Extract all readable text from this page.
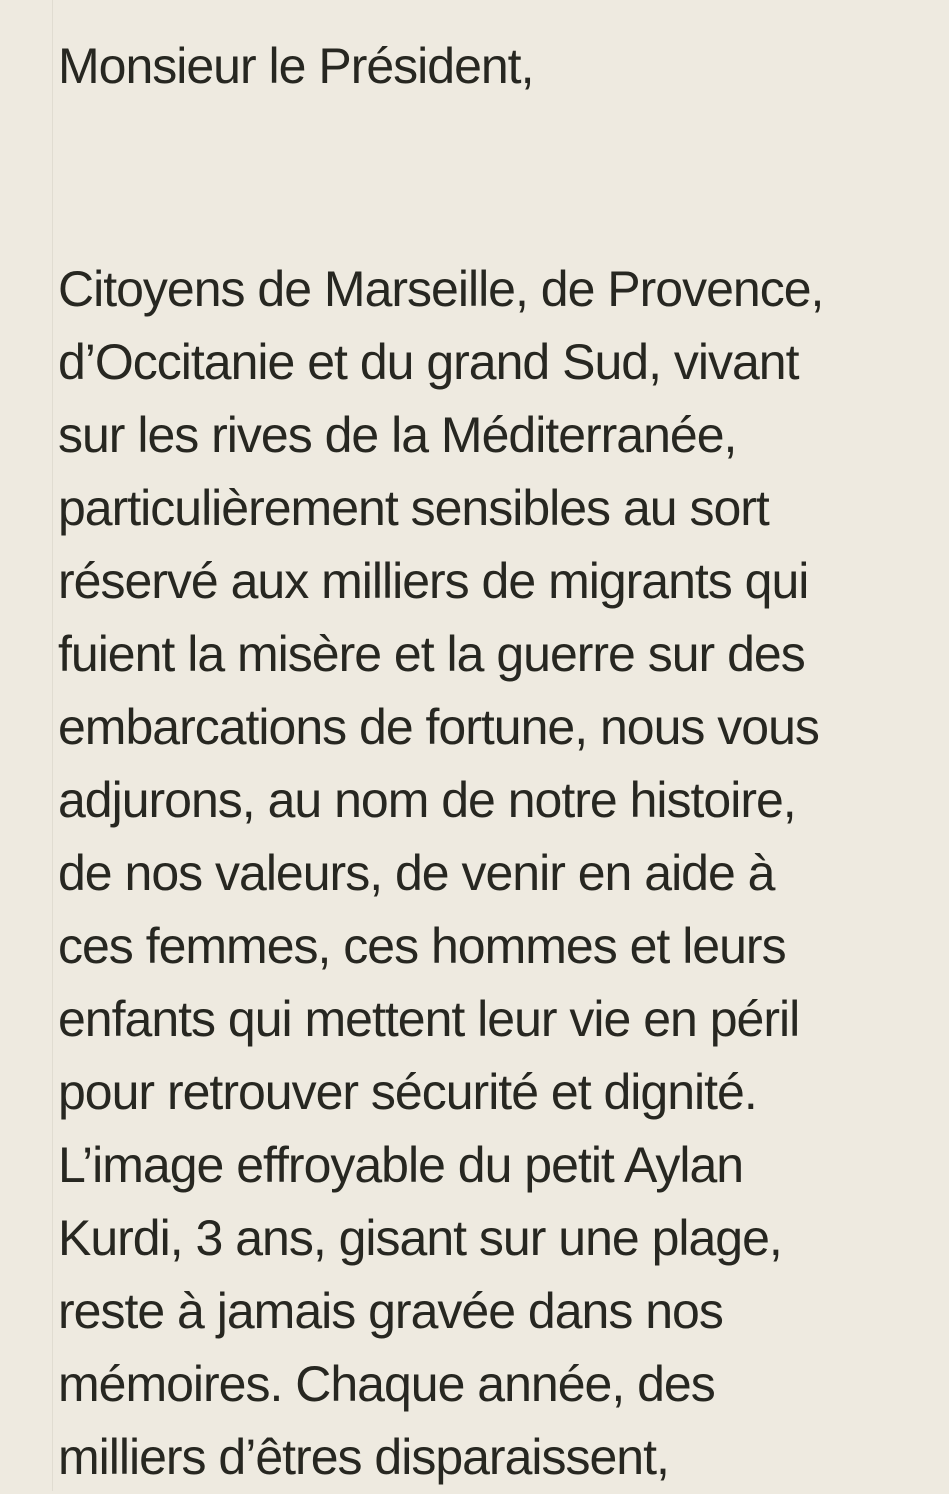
Monsieur le Président,
Citoyens de Marseille, de Provence,
d’Occitanie et du grand Sud, vivant
sur les rives de la Méditerranée,
particulièrement sensibles au sort
réservé aux milliers de migrants qui
fuient la misère et la guerre sur des
embarcations de fortune, nous vous
adjurons, au nom de notre histoire,
de nos valeurs, de venir en aide à
ces femmes, ces hommes et leurs
enfants qui mettent leur vie en péril
pour retrouver sécurité et dignité.
L’image effroyable du petit Aylan
Kurdi, 3 ans, gisant sur une plage,
reste à jamais gravée dans nos
mémoires. Chaque année, des
milliers d’êtres disparaissent,
